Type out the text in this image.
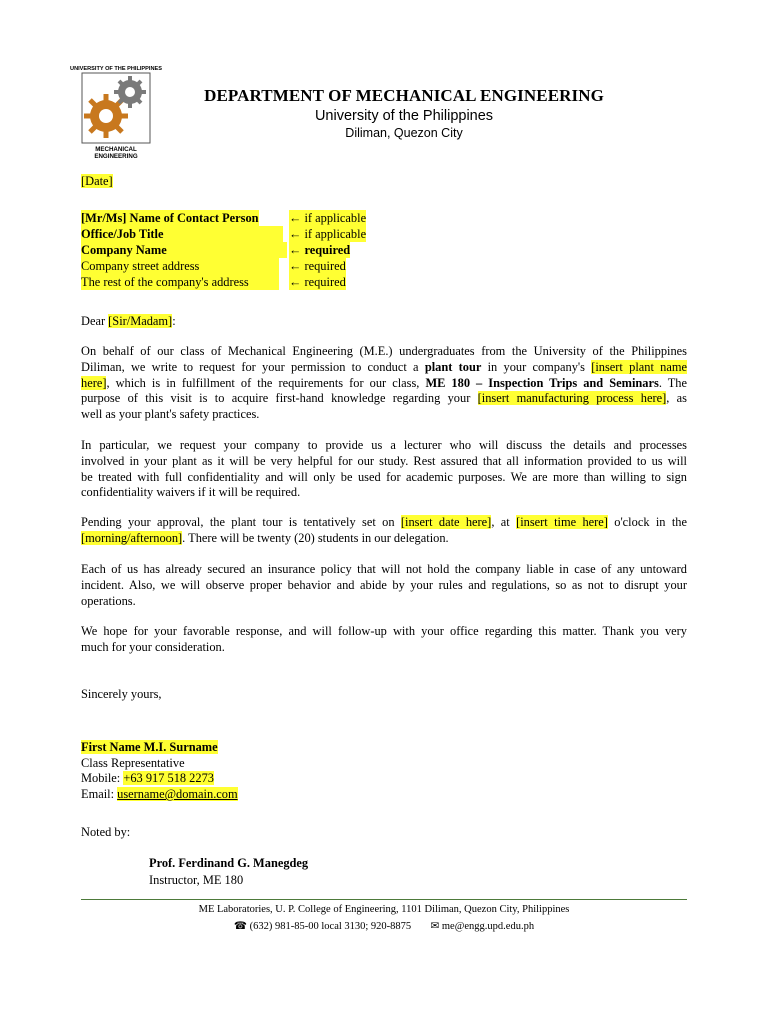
UNIVERSITY OF THE PHILIPPINES
MECHANICAL
ENGINEERING
DEPARTMENT OF MECHANICAL ENGINEERING
University of the Philippines
Diliman, Quezon City
[Date]
[Mr/Ms] Name of Contact Person ← if applicable
Office/Job Title	← if applicable
Company Name	← required
Company street address	← required
The rest of the company's address	← required
Dear [Sir/Madam]:
On behalf of our class of Mechanical Engineering (M.E.) undergraduates from the University of the Philippines
Diliman, we write to request for your permission to conduct a plant tour in your company's [insert plant name
here], which is in fulfillment of the requirements for our class, ME 180 – Inspection Trips and Seminars. The
purpose of this visit is to acquire first-hand knowledge regarding your [insert manufacturing process here], as
well as your plant's safety practices.
In particular, we request your company to provide us a lecturer who will discuss the details and processes
involved in your plant as it will be very helpful for our study. Rest assured that all information provided to us will
be treated with full confidentiality and will only be used for academic purposes. We are more than willing to sign
confidentiality waivers if it will be required.
Pending your approval, the plant tour is tentatively set on [insert date here], at [insert time here] o'clock in the
[morning/afternoon]. There will be twenty (20) students in our delegation.
Each of us has already secured an insurance policy that will not hold the company liable in case of any untoward
incident. Also, we will observe proper behavior and abide by your rules and regulations, so as not to disrupt your
operations.
We hope for your favorable response, and will follow-up with your office regarding this matter. Thank you very
much for your consideration.
Sincerely yours,
First Name M.I. Surname
Class Representative
Mobile: +63 917 518 2273
Email: username@domain.com
Noted by:
Prof. Ferdinand G. Manegdeg
Instructor, ME 180
ME Laboratories, U. P. College of Engineering, 1101 Diliman, Quezon City, Philippines
☎ (632) 981-85-00 local 3130; 920-8875 ✉ me@engg.upd.edu.ph
